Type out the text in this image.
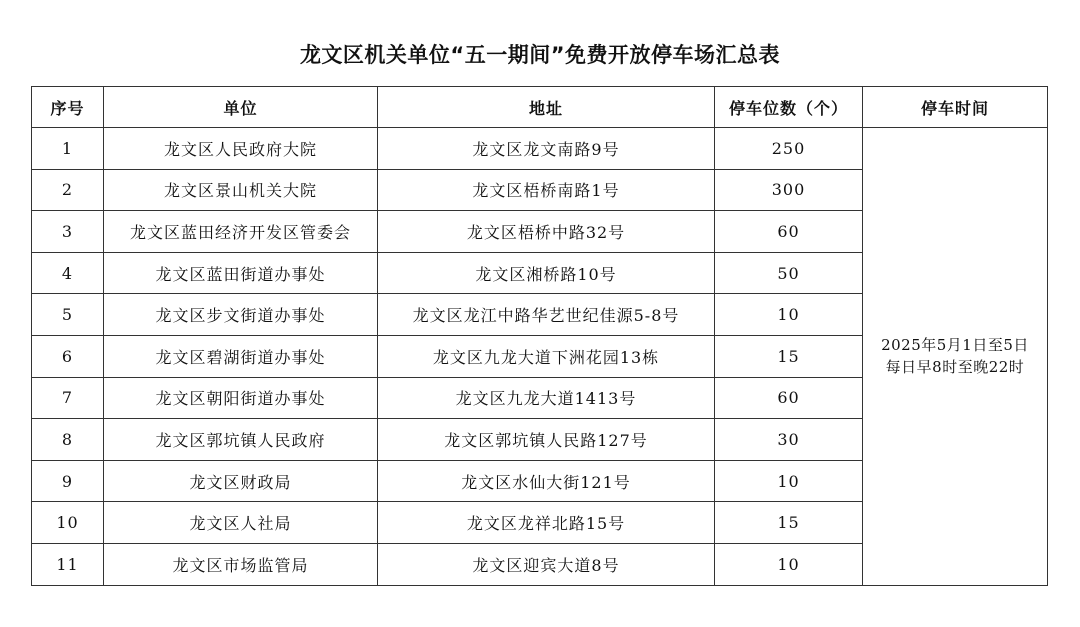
龙文区机关单位“五一期间”免费开放停车场汇总表
序号	单位	地址	停车位数（个）	停车时间
1	龙文区人民政府大院	龙文区龙文南路9号	250	2025年5月1日至5日
每日早8时至晚22时

2	龙文区景山机关大院	龙文区梧桥南路1号	300	
3	龙文区蓝田经济开发区管委会	龙文区梧桥中路32号	60	
4	龙文区蓝田街道办事处	龙文区湘桥路10号	50	
5	龙文区步文街道办事处	龙文区龙江中路华艺世纪佳源5-8号	10	
6	龙文区碧湖街道办事处	龙文区九龙大道下洲花园13栋	15	
7	龙文区朝阳街道办事处	龙文区九龙大道1413号	60	
8	龙文区郭坑镇人民政府	龙文区郭坑镇人民路127号	30	
9	龙文区财政局	龙文区水仙大街121号	10	
10	龙文区人社局	龙文区龙祥北路15号	15	
11	龙文区市场监管局	龙文区迎宾大道8号	10	
